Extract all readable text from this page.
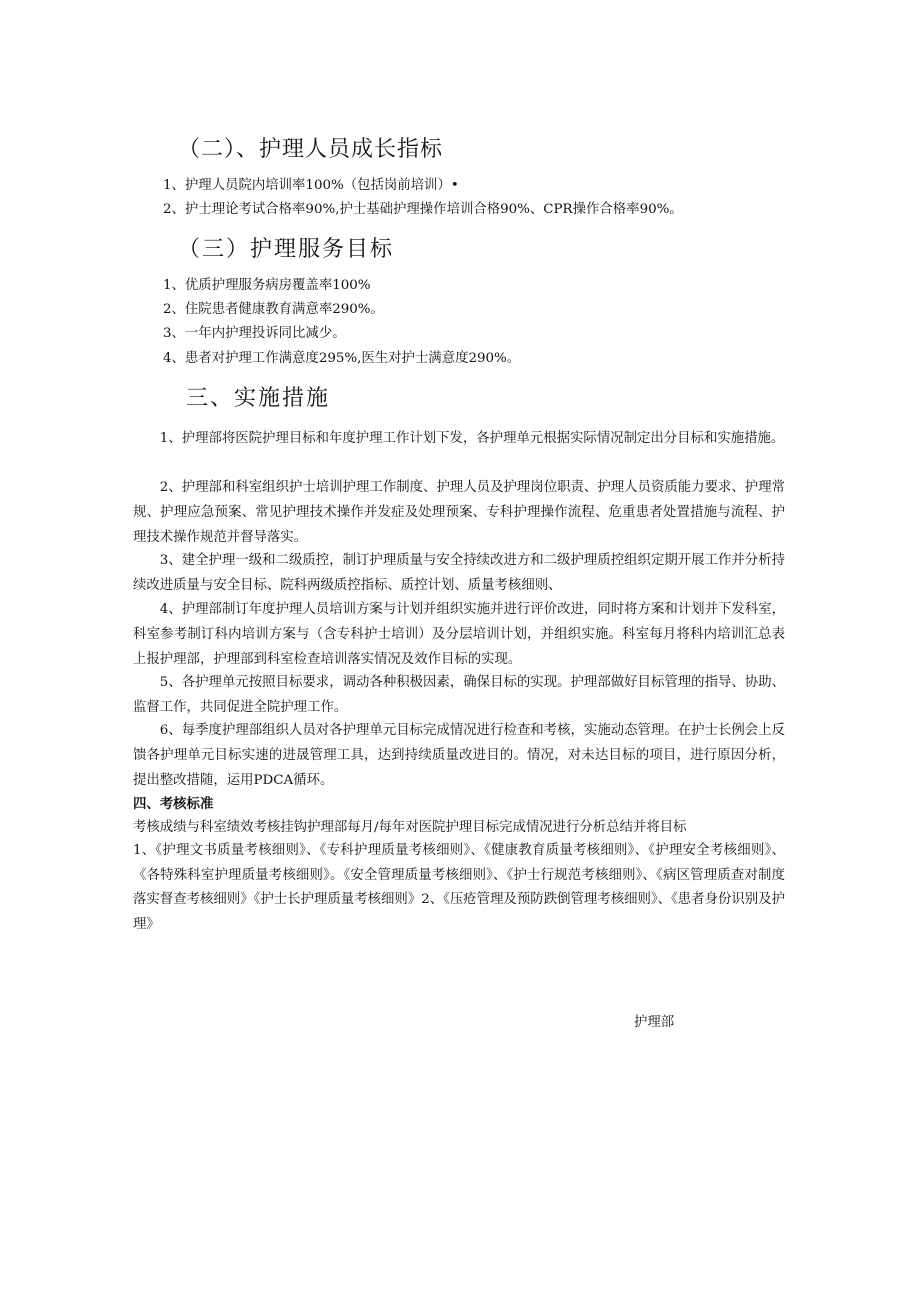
（二）、护理人员成长指标
1、护理人员院内培训率100%（包括岗前培训）•
2、护士理论考试合格率90%,护士基础护理操作培训合格90%、CPR操作合格率90%。
（三）护理服务目标
1、优质护理服务病房覆盖率100%
2、住院患者健康教育满意率290%。
3、一年内护理投诉同比减少。
4、患者对护理工作满意度295%,医生对护士满意度290%。
三、实施措施
1、护理部将医院护理目标和年度护理工作计划下发，各护理单元根据实际情况制定出分目标和实施措施。
2、护理部和科室组织护士培训护理工作制度、护理人员及护理岗位职责、护理人员资质能力要求、护理常规、护理应急预案、常见护理技术操作并发症及处理预案、专科护理操作流程、危重患者处置措施与流程、护理技术操作规范并督导落实。
3、建全护理一级和二级质控，制订护理质量与安全持续改进方和二级护理质控组织定期开展工作并分析持续改进质量与安全目标、院科两级质控指标、质控计划、质量考核细则、
4、护理部制订年度护理人员培训方案与计划并组织实施并进行评价改进，同时将方案和计划并下发科室，科室参考制订科内培训方案与（含专科护士培训）及分层培训计划，并组织实施。科室每月将科内培训汇总表上报护理部，护理部到科室检查培训落实情况及效作目标的实现。
5、各护理单元按照目标要求，调动各种积极因素，确保目标的实现。护理部做好目标管理的指导、协助、监督工作，共同促进全院护理工作。
6、每季度护理部组织人员对各护理单元目标完成情况进行检查和考核，实施动态管理。在护士长例会上反馈各护理单元目标实速的进晟管理工具，达到持续质量改进目的。情况，对未达目标的项目，进行原因分析，提出整改措随，运用PDCA循环。
四、考核标准
考核成绩与科室绩效考核挂钩护理部每月/每年对医院护理目标完成情况进行分析总结并将目标
1、《护理文书质量考核细则》、《专科护理质量考核细则》、《健康教育质量考核细则》、《护理安全考核细则》、《各特殊科室护理质量考核细则》。《安全管理质量考核细则》、《护士行规范考核细则》、《病区管理质查对制度落实督查考核细则》《护士长护理质量考核细则》2、《压疮管理及预防跌倒管理考核细则》、《患者身份识别及护理》
护理部
